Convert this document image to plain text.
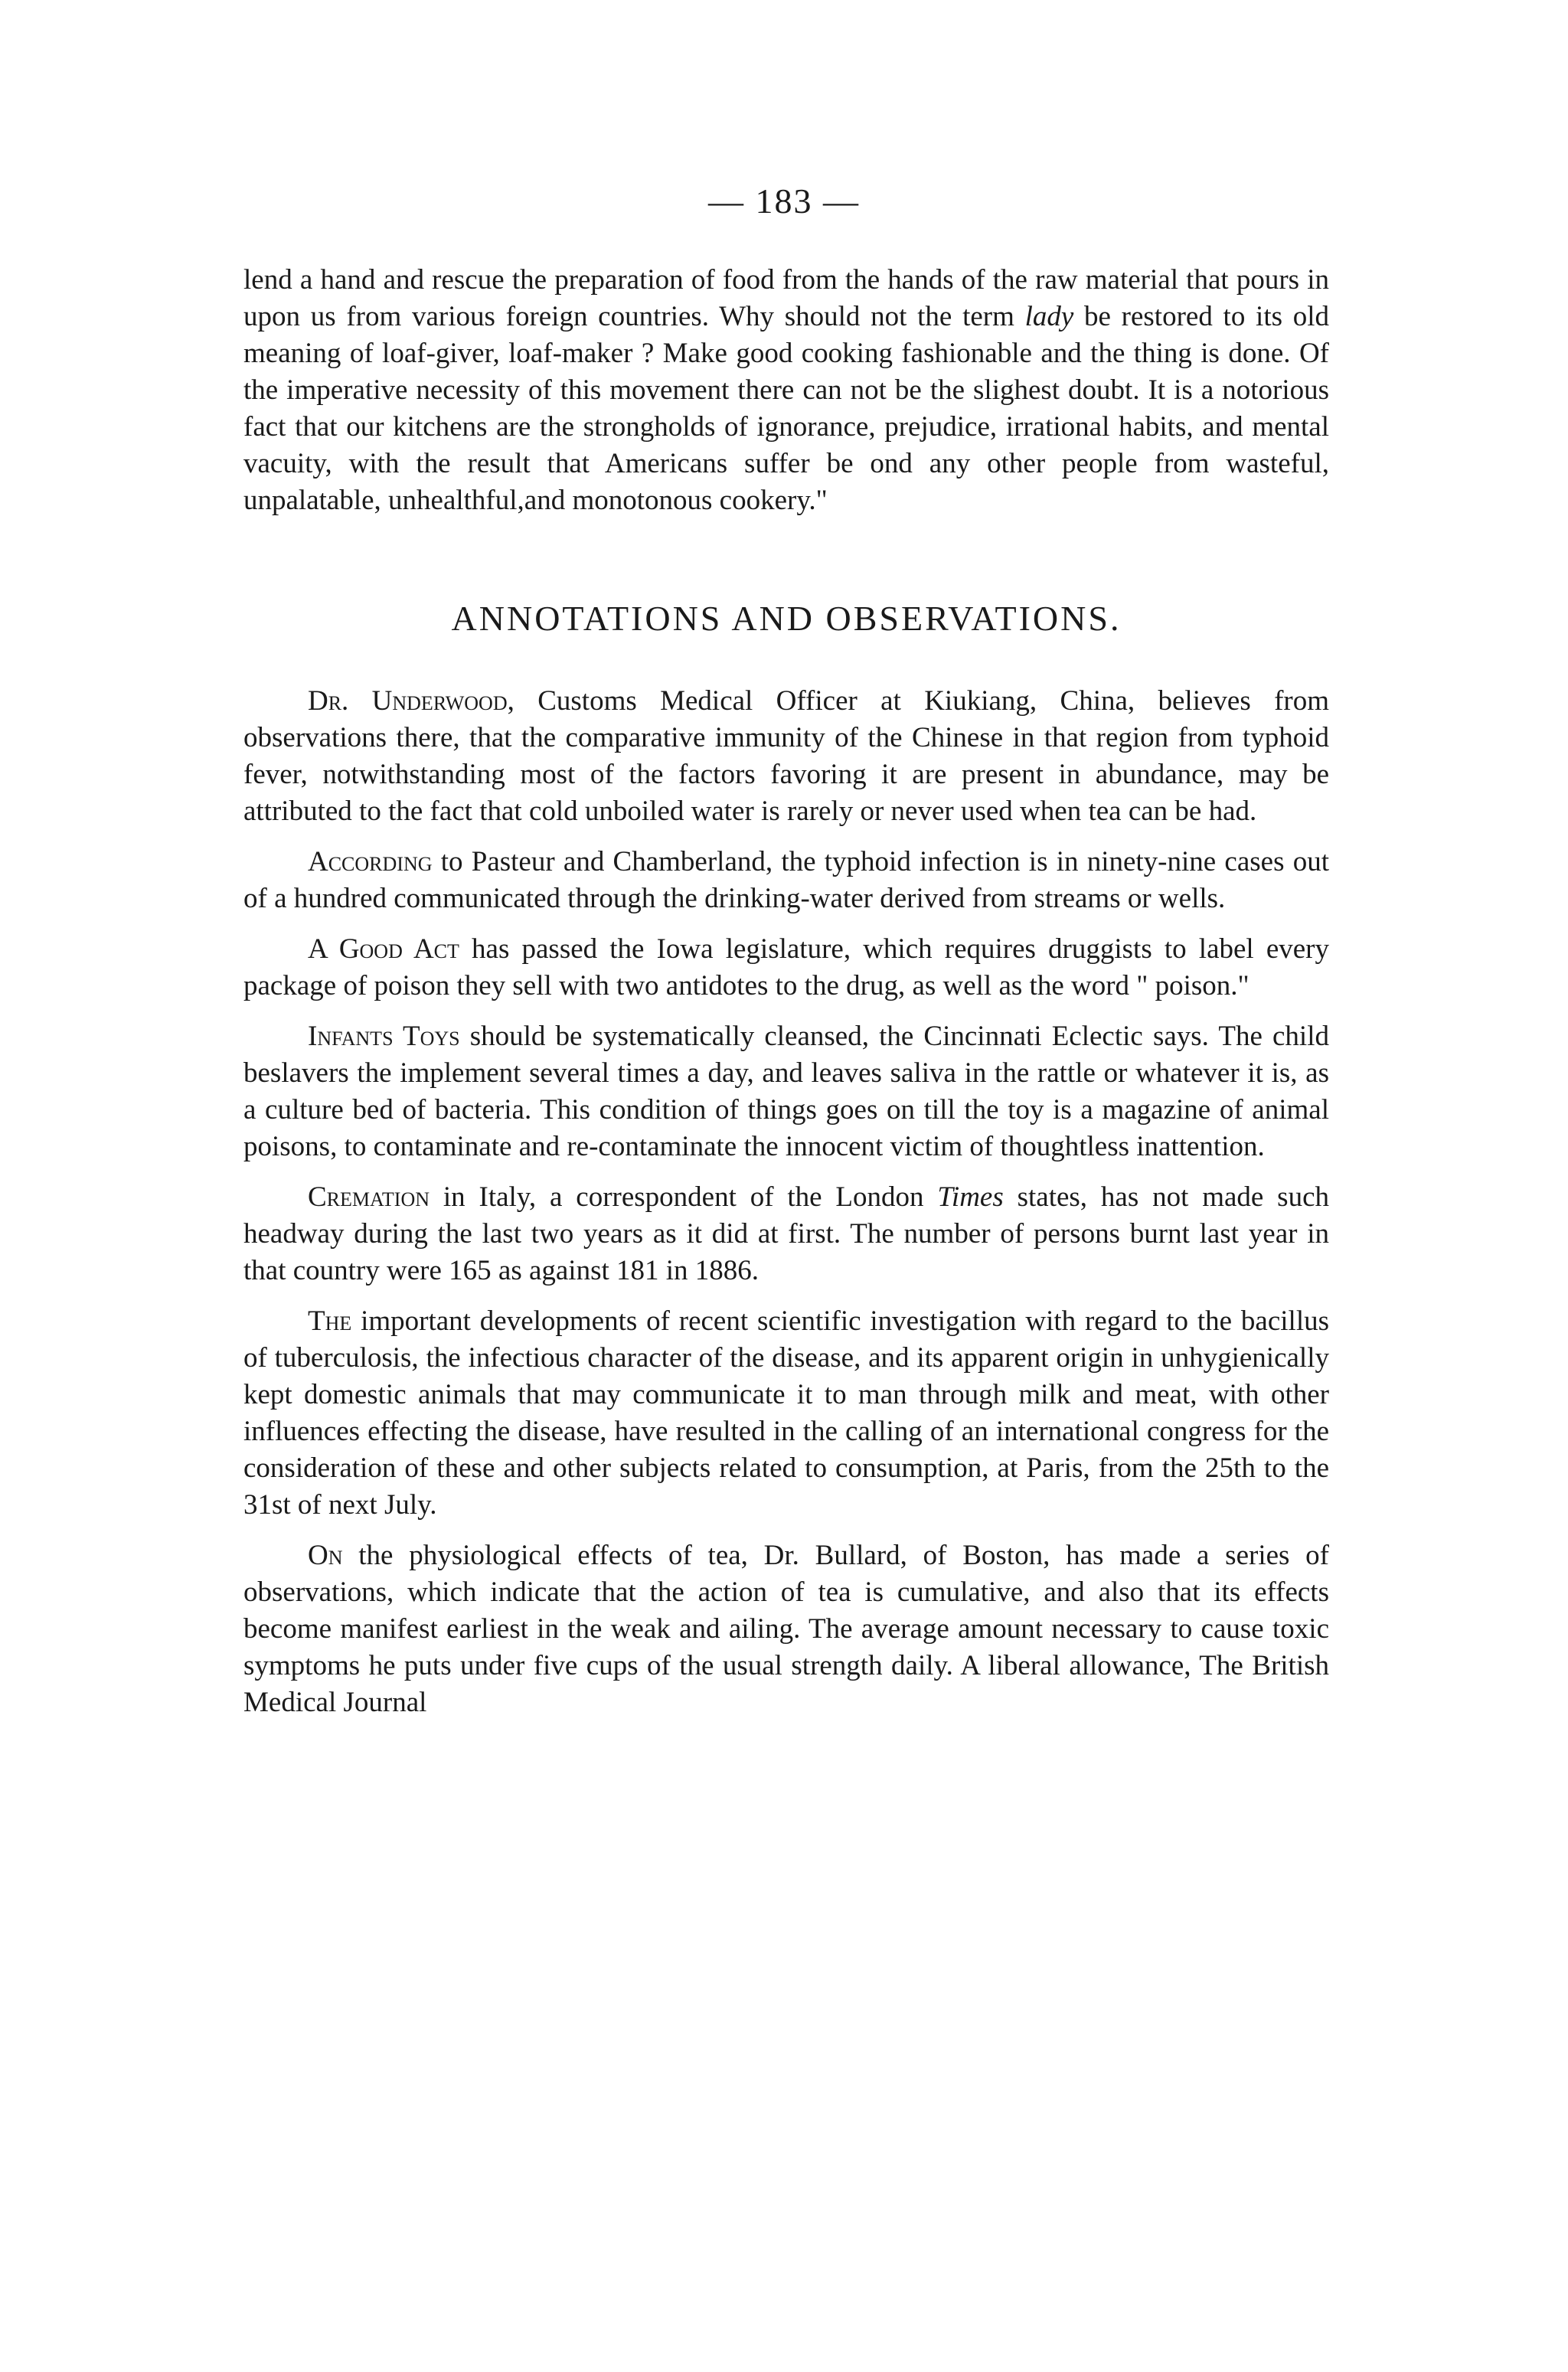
— 183 —

lend a hand and rescue the preparation of food from the hands of the raw material that pours in upon us from various foreign countries. Why should not the term lady be restored to its old meaning of loaf-giver, loaf-maker ? Make good cooking fashionable and the thing is done. Of the imperative necessity of this movement there can not be the slighest doubt. It is a notorious fact that our kitchens are the strongholds of ignorance, prejudice, irrational habits, and mental vacuity, with the result that Americans suffer be ond any other people from wasteful, unpalatable, unhealthful,and monotonous cookery."

ANNOTATIONS AND OBSERVATIONS.

Dr. Underwood, Customs Medical Officer at Kiukiang, China, believes from observations there, that the comparative immunity of the Chinese in that region from typhoid fever, notwithstanding most of the factors favoring it are present in abundance, may be attributed to the fact that cold unboiled water is rarely or never used when tea can be had.

According to Pasteur and Chamberland, the typhoid infection is in ninety-nine cases out of a hundred communicated through the drinking-water derived from streams or wells.

A Good Act has passed the Iowa legislature, which requires druggists to label every package of poison they sell with two antidotes to the drug, as well as the word " poison."

Infants Toys should be systematically cleansed, the Cincinnati Eclectic says. The child beslavers the implement several times a day, and leaves saliva in the rattle or whatever it is, as a culture bed of bacteria. This condition of things goes on till the toy is a magazine of animal poisons, to contaminate and re-contaminate the innocent victim of thoughtless inattention.

Cremation in Italy, a correspondent of the London Times states, has not made such headway during the last two years as it did at first. The number of persons burnt last year in that country were 165 as against 181 in 1886.

The important developments of recent scientific investigation with regard to the bacillus of tuberculosis, the infectious character of the disease, and its apparent origin in unhygienically kept domestic animals that may communicate it to man through milk and meat, with other influences effecting the disease, have resulted in the calling of an international congress for the consideration of these and other subjects related to consumption, at Paris, from the 25th to the 31st of next July.

On the physiological effects of tea, Dr. Bullard, of Boston, has made a series of observations, which indicate that the action of tea is cumulative, and also that its effects become manifest earliest in the weak and ailing. The average amount necessary to cause toxic symptoms he puts under five cups of the usual strength daily. A liberal allowance, The British Medical Journal
